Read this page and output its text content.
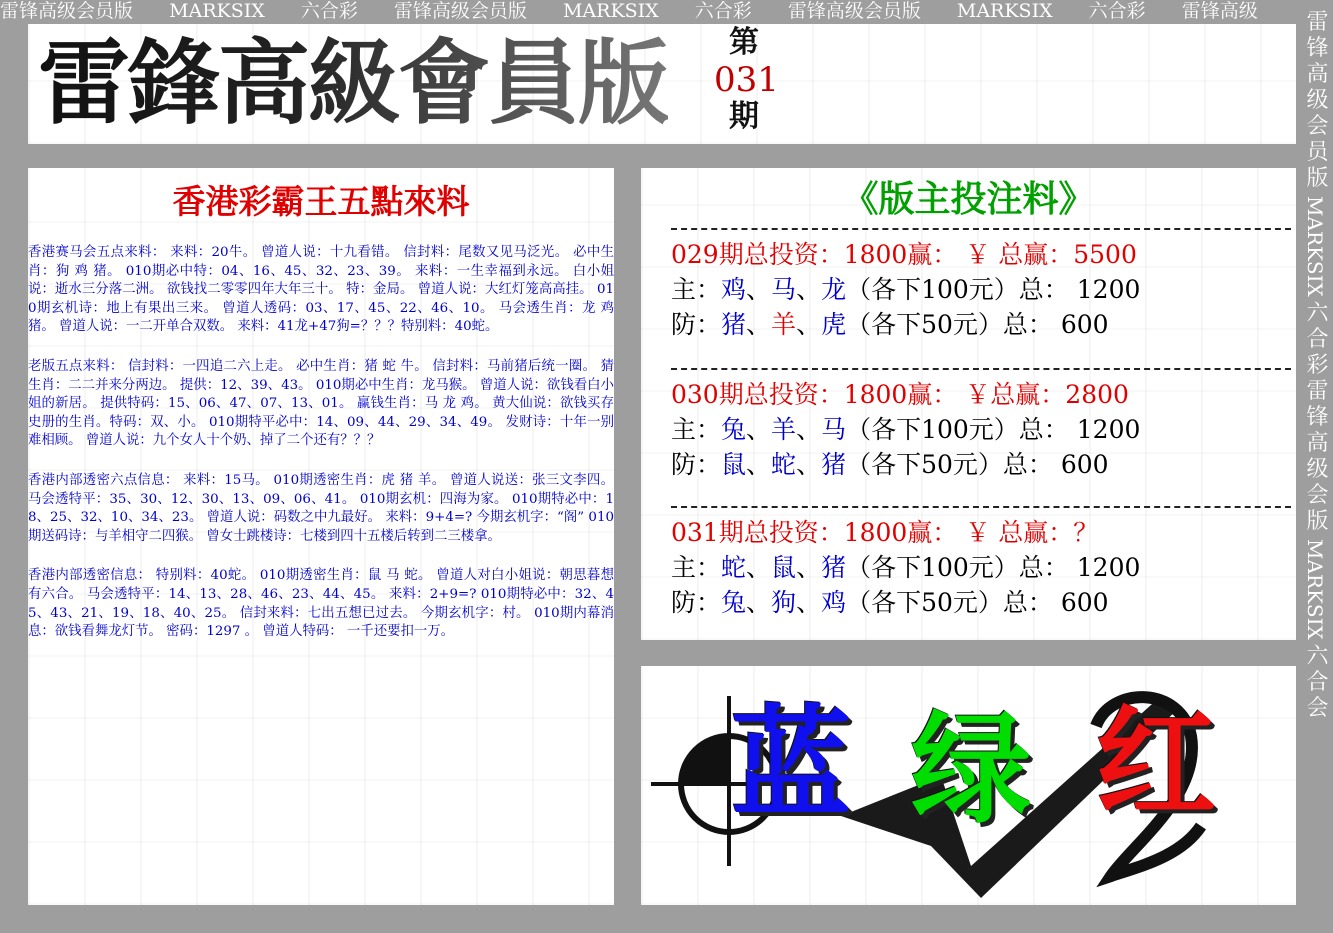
雷锋高级会员版 MARKSIX 六合彩 雷锋高级会员版 MARKSIX 六合彩 雷锋高级会员版 MARKSIX 六合彩 雷锋高级	雷
锋
高
级
会
员
版
MARKSIX
六
合
彩
雷
锋
高
级
会
版
MARKSIX
六
合
会
雷鋒高級會員版	第
031
期
香港彩霸王五點來料

香港赛马会五点来料： 来料：20牛。 曾道人说：十九看错。 信封料：尾数又见马泛光。 必中生肖：狗 鸡 猪。 010期必中特：04、16、45、32、23、39。 来料：一生幸福到永远。 白小姐说：逝水三分落二洲。 欲钱找二零零四年大年三十。 特：金局。 曾道人说：大红灯笼高高挂。 010期玄机诗：地上有果出三来。 曾道人透码：03、17、45、22、46、10。 马会透生肖：龙 鸡 猪。 曾道人说：一二开单合双数。 来料：41龙+47狗=？？？特别料：40蛇。

老版五点来料： 信封料：一四追二六上走。 必中生肖：猪 蛇 牛。 信封料：马前猪后统一圈。 猜生肖：二二并来分两边。 提供：12、39、43。 010期必中生肖：龙马猴。 曾道人说：欲钱看白小姐的新居。 提供特码：15、06、47、07、13、01。 赢钱生肖：马 龙 鸡。 黄大仙说：欲钱买存史册的生肖。特码：双、小。 010期特平必中：14、09、44、29、34、49。 发财诗：十年一别难相顾。 曾道人说：九个女人十个奶、掉了二个还有？？？

香港内部透密六点信息： 来料：15马。 010期透密生肖：虎 猪 羊。 曾道人说送：张三文李四。 马会透特平：35、30、12、30、13、09、06、41。 010期玄机：四海为家。 010期特必中：18、25、32、10、34、23。 曾道人说：码数之中九最好。 来料：9+4=? 今期玄机字：“阁” 010期送码诗：与羊相守二四猴。 曾女士跳楼诗：七楼到四十五楼后转到二三楼拿。

香港内部透密信息： 特别料：40蛇。 010期透密生肖：鼠 马 蛇。 曾道人对白小姐说：朝思暮想有六合。 马会透特平：14、13、28、46、23、44、45。 来料：2+9=? 010期特必中：32、45、43、21、19、18、40、25。 信封来料：七出五想已过去。 今期玄机字：村。 010期内幕消息：欲钱看舞龙灯节。 密码：1297 。 曾道人特码： 一千还要扣一万。

《版主投注料》
029期总投资：1800赢： ￥ 总赢：5500
主：鸡、马、龙（各下100元）总： 1200
防：猪、羊、虎（各下50元）总： 600
030期总投资：1800赢： ￥总赢：2800
主：兔、羊、马（各下100元）总： 1200
防：鼠、蛇、猪（各下50元）总： 600
031期总投资：1800赢： ￥ 总赢：？
主：蛇、鼠、猪（各下100元）总： 1200
防：兔、狗、鸡（各下50元）总： 600
蓝 绿 红
